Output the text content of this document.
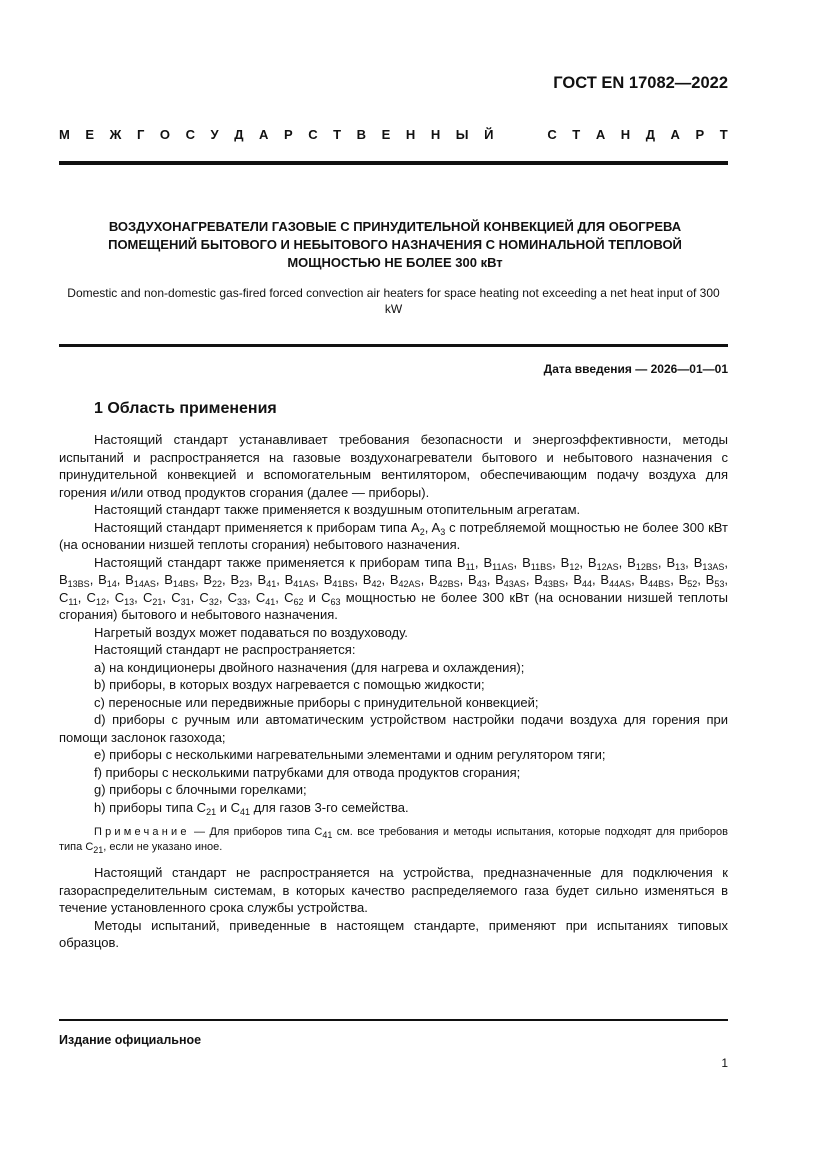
ГОСТ EN 17082—2022
М Е Ж Г О С У Д А Р С Т В Е Н Н Ы Й

	С Т А Н Д А Р Т
ВОЗДУХОНАГРЕВАТЕЛИ ГАЗОВЫЕ С ПРИНУДИТЕЛЬНОЙ КОНВЕКЦИЕЙ ДЛЯ ОБОГРЕВА ПОМЕЩЕНИЙ БЫТОВОГО И НЕБЫТОВОГО НАЗНАЧЕНИЯ С НОМИНАЛЬНОЙ ТЕПЛОВОЙ МОЩНОСТЬЮ НЕ БОЛЕЕ 300 кВт
Domestic and non-domestic gas-fired forced convection air heaters for space heating not exceeding a net heat input of 300 kW
Дата введения — 2026—01—01
1 Область применения

Настоящий стандарт устанавливает требования безопасности и энергоэффективности, методы испытаний и распространяется на газовые воздухонагреватели бытового и небытового назначения с принудительной конвекцией и вспомогательным вентилятором, обеспечивающим подачу воздуха для горения и/или отвод продуктов сгорания (далее — приборы).

Настоящий стандарт также применяется к воздушным отопительным агрегатам.

Настоящий стандарт применяется к приборам типа $A_2$, $A_3$ с потребляемой мощностью не более 300 кВт (на основании низшей теплоты сгорания) небытового назначения.

Настоящий стандарт также применяется к приборам типа $B_{11}$, $B_{11AS}$, $B_{11BS}$, $B_{12}$, $B_{12AS}$, $B_{12BS}$, $B_{13}$, $B_{13AS}$, $B_{13BS}$, $B_{14}$, $B_{14AS}$, $B_{14BS}$, $B_{22}$, $B_{23}$, $B_{41}$, $B_{41AS}$, $B_{41BS}$, $B_{42}$, $B_{42AS}$, $B_{42BS}$, $B_{43}$, $B_{43AS}$, $B_{43BS}$, $B_{44}$, $B_{44AS}$, $B_{44BS}$, $B_{52}$, $B_{53}$, $C_{11}$, $C_{12}$, $C_{13}$, $C_{21}$, $C_{31}$, $C_{32}$, $C_{33}$, $C_{41}$, $C_{62}$ и $C_{63}$ мощностью не более 300 кВт (на основании низшей теплоты сгорания) бытового и небытового назначения.

Нагретый воздух может подаваться по воздуховоду.

Настоящий стандарт не распространяется:

a) на кондиционеры двойного назначения (для нагрева и охлаждения);

b) приборы, в которых воздух нагревается с помощью жидкости;

c) переносные или передвижные приборы с принудительной конвекцией;

d) приборы с ручным или автоматическим устройством настройки подачи воздуха для горения при помощи заслонок газохода;

e) приборы с несколькими нагревательными элементами и одним регулятором тяги;

f) приборы с несколькими патрубками для отвода продуктов сгорания;

g) приборы с блочными горелками;

h) приборы типа $C_{21}$ и $C_{41}$ для газов 3-го семейства.

Примечание — Для приборов типа $C_{41}$ см. все требования и методы испытания, которые подходят для приборов типа $C_{21}$, если не указано иное.

Настоящий стандарт не распространяется на устройства, предназначенные для подключения к газораспределительным системам, в которых качество распределяемого газа будет сильно изменяться в течение установленного срока службы устройства.

Методы испытаний, приведенные в настоящем стандарте, применяют при испытаниях типовых образцов.

Издание официальное
1
